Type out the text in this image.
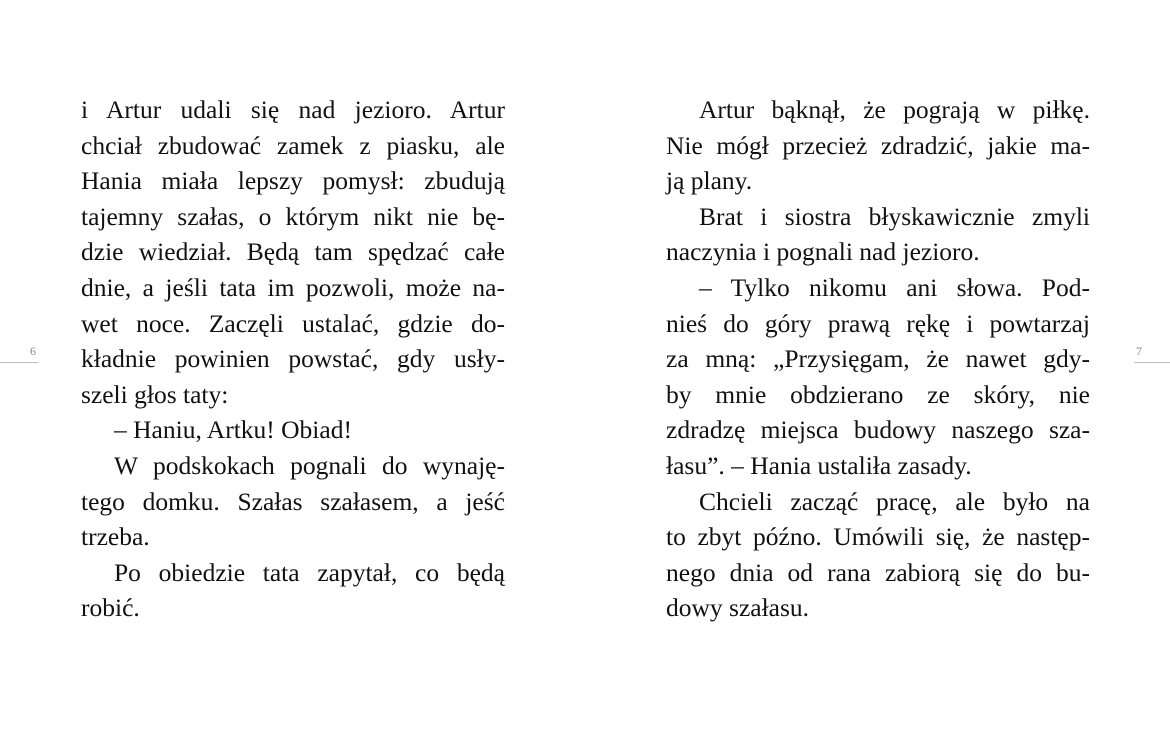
i Artur udali się nad jezioro. Artur
chciał zbudować zamek z piasku, ale
Hania miała lepszy pomysł: zbudują
tajemny szałas, o którym nikt nie bę-
dzie wiedział. Będą tam spędzać całe
dnie, a jeśli tata im pozwoli, może na-
wet noce. Zaczęli ustalać, gdzie do-
kładnie powinien powstać, gdy usły-
szeli głos taty:
– Haniu, Artku! Obiad!
W podskokach pognali do wynaję-
tego domku. Szałas szałasem, a jeść
trzeba.
Po obiedzie tata zapytał, co będą
robić.
Artur bąknął, że pograją w piłkę.
Nie mógł przecież zdradzić, jakie ma-
ją plany.
Brat i siostra błyskawicznie zmyli
naczynia i pognali nad jezioro.
– Tylko nikomu ani słowa. Pod-
nieś do góry prawą rękę i powtarzaj
za mną: „Przysięgam, że nawet gdy-
by mnie obdzierano ze skóry, nie
zdradzę miejsca budowy naszego sza-
łasu”. – Hania ustaliła zasady.
Chcieli zacząć pracę, ale było na
to zbyt późno. Umówili się, że następ-
nego dnia od rana zabiorą się do bu-
dowy szałasu.
6	7
